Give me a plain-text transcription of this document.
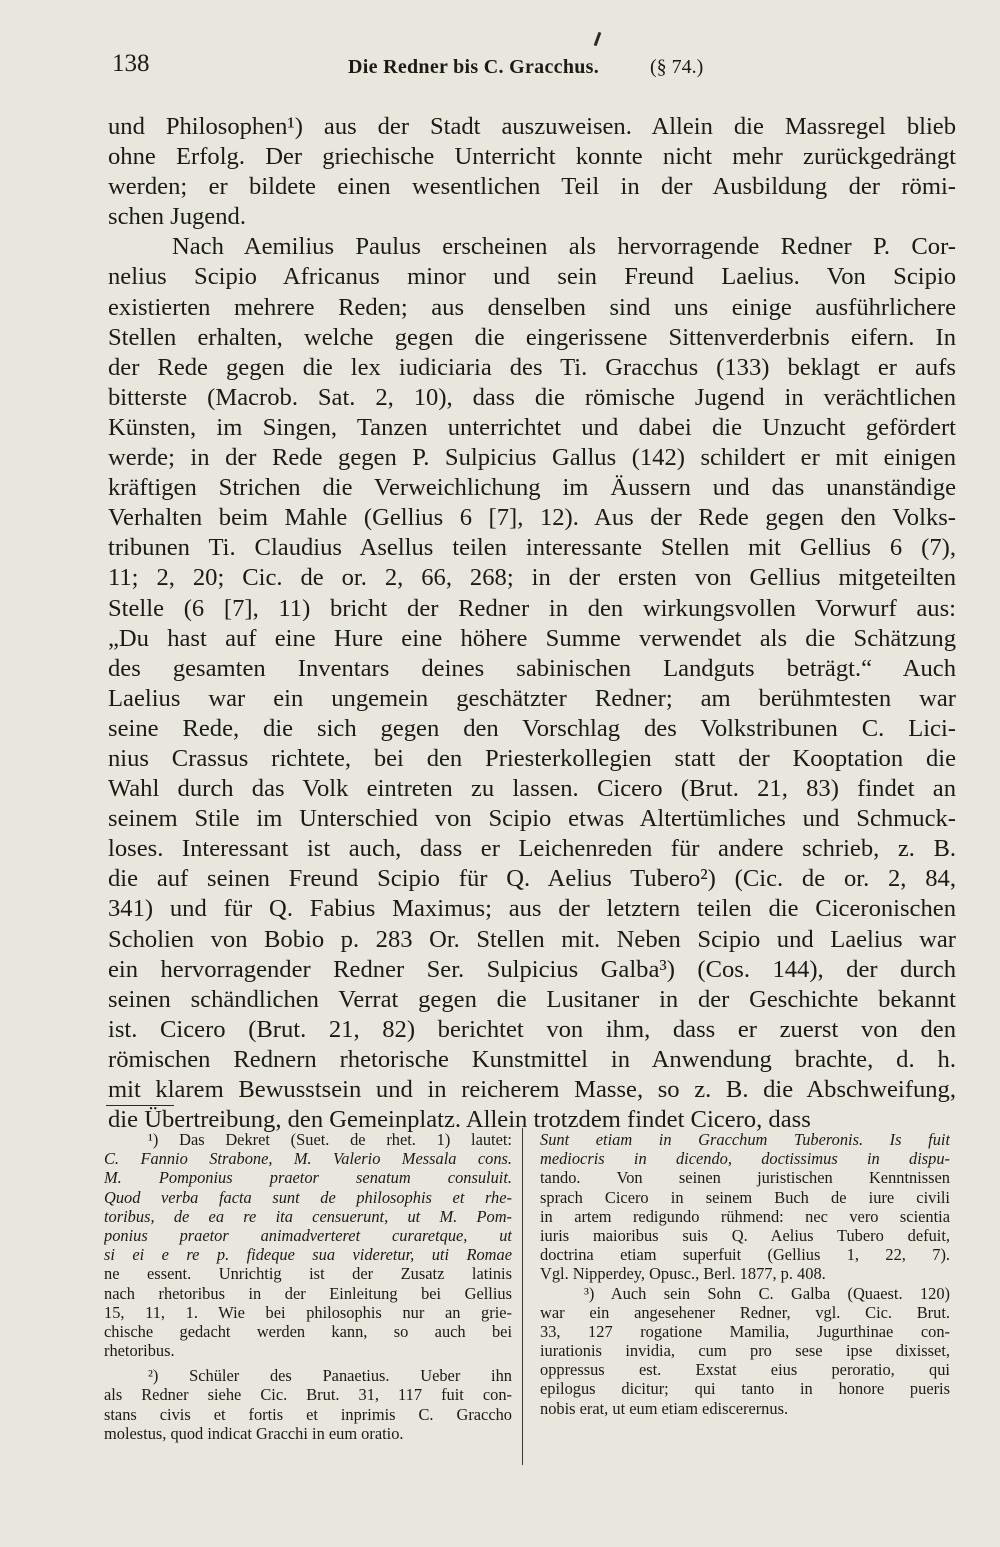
138	Die Redner bis C. Gracchus.	(§ 74.)
und Philosophen¹) aus der Stadt auszuweisen. Allein die Massregel blieb
ohne Erfolg. Der griechische Unterricht konnte nicht mehr zurückgedrängt
werden; er bildete einen wesentlichen Teil in der Ausbildung der römi-
schen Jugend.
Nach Aemilius Paulus erscheinen als hervorragende Redner P. Cor-
nelius Scipio Africanus minor und sein Freund Laelius. Von Scipio
existierten mehrere Reden; aus denselben sind uns einige ausführlichere
Stellen erhalten, welche gegen die eingerissene Sittenverderbnis eifern. In
der Rede gegen die lex iudiciaria des Ti. Gracchus (133) beklagt er aufs
bitterste (Macrob. Sat. 2, 10), dass die römische Jugend in verächtlichen
Künsten, im Singen, Tanzen unterrichtet und dabei die Unzucht gefördert
werde; in der Rede gegen P. Sulpicius Gallus (142) schildert er mit einigen
kräftigen Strichen die Verweichlichung im Äussern und das unanständige
Verhalten beim Mahle (Gellius 6 [7], 12). Aus der Rede gegen den Volks-
tribunen Ti. Claudius Asellus teilen interessante Stellen mit Gellius 6 (7),
11; 2, 20; Cic. de or. 2, 66, 268; in der ersten von Gellius mitgeteilten
Stelle (6 [7], 11) bricht der Redner in den wirkungsvollen Vorwurf aus:
„Du hast auf eine Hure eine höhere Summe verwendet als die Schätzung
des gesamten Inventars deines sabinischen Landguts beträgt.“ Auch
Laelius war ein ungemein geschätzter Redner; am berühmtesten war
seine Rede, die sich gegen den Vorschlag des Volkstribunen C. Lici-
nius Crassus richtete, bei den Priesterkollegien statt der Kooptation die
Wahl durch das Volk eintreten zu lassen. Cicero (Brut. 21, 83) findet an
seinem Stile im Unterschied von Scipio etwas Altertümliches und Schmuck-
loses. Interessant ist auch, dass er Leichenreden für andere schrieb, z. B.
die auf seinen Freund Scipio für Q. Aelius Tubero²) (Cic. de or. 2, 84,
341) und für Q. Fabius Maximus; aus der letztern teilen die Ciceronischen
Scholien von Bobio p. 283 Or. Stellen mit. Neben Scipio und Laelius war
ein hervorragender Redner Ser. Sulpicius Galba³) (Cos. 144), der durch
seinen schändlichen Verrat gegen die Lusitaner in der Geschichte bekannt
ist. Cicero (Brut. 21, 82) berichtet von ihm, dass er zuerst von den
römischen Rednern rhetorische Kunstmittel in Anwendung brachte, d. h.
mit klarem Bewusstsein und in reicherem Masse, so z. B. die Abschweifung,
die Übertreibung, den Gemeinplatz. Allein trotzdem findet Cicero, dass
¹) Das Dekret (Suet. de rhet. 1) lautet:
C. Fannio Strabone, M. Valerio Messala cons.
M. Pomponius praetor senatum consuluit.
Quod verba facta sunt de philosophis et rhe-
toribus, de ea re ita censuerunt, ut M. Pom-
ponius praetor animadverteret curaretque, ut
si ei e re p. fideque sua videretur, uti Romae
ne essent. Unrichtig ist der Zusatz latinis
nach rhetoribus in der Einleitung bei Gellius
15, 11, 1. Wie bei philosophis nur an grie-
chische gedacht werden kann, so auch bei
rhetoribus.
²) Schüler des Panaetius. Ueber ihn
als Redner siehe Cic. Brut. 31, 117 fuit con-
stans civis et fortis et inprimis C. Graccho
molestus, quod indicat Gracchi in eum oratio.
Sunt etiam in Gracchum Tuberonis. Is fuit
mediocris in dicendo, doctissimus in dispu-
tando. Von seinen juristischen Kenntnissen
sprach Cicero in seinem Buch de iure civili
in artem redigundo rühmend: nec vero scientia
iuris maioribus suis Q. Aelius Tubero defuit,
doctrina etiam superfuit (Gellius 1, 22, 7).
Vgl. Nipperdey, Opusc., Berl. 1877, p. 408.
³) Auch sein Sohn C. Galba (Quaest. 120)
war ein angesehener Redner, vgl. Cic. Brut.
33, 127 rogatione Mamilia, Jugurthinae con-
iurationis invidia, cum pro sese ipse dixisset,
oppressus est. Exstat eius peroratio, qui
epilogus dicitur; qui tanto in honore pueris
nobis erat, ut eum etiam ediscerernus.
